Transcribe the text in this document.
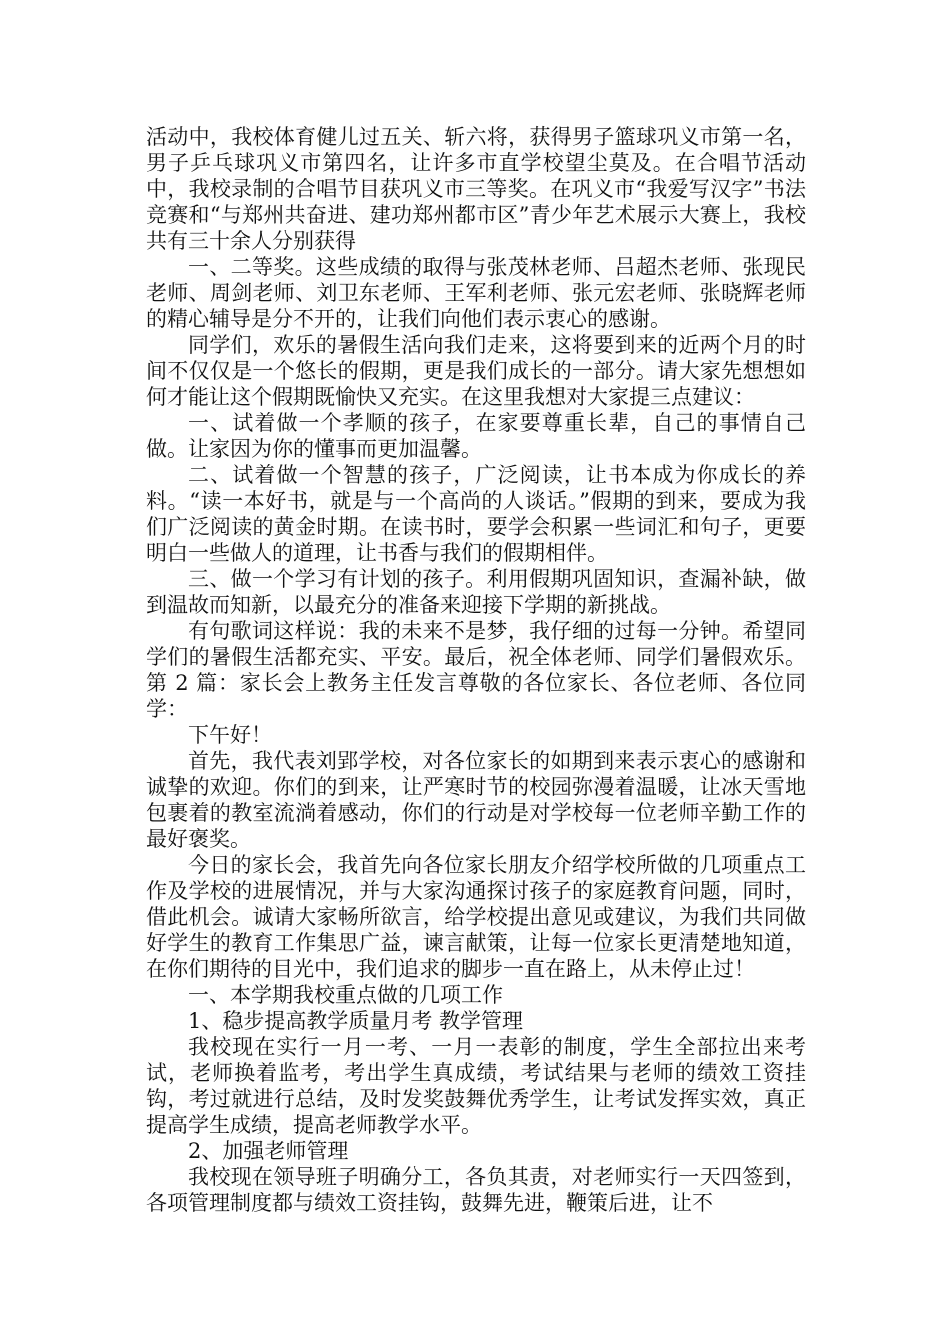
活动中，我校体育健儿过五关、斩六将，获得男子篮球巩义市第一名，男子乒乓球巩义市第四名，让许多市直学校望尘莫及。在合唱节活动中，我校录制的合唱节目获巩义市三等奖。在巩义市“我爱写汉字”书法竞赛和“与郑州共奋进、建功郑州都市区”青少年艺术展示大赛上，我校共有三十余人分别获得

一、二等奖。这些成绩的取得与张茂林老师、吕超杰老师、张现民老师、周剑老师、刘卫东老师、王军利老师、张元宏老师、张晓辉老师的精心辅导是分不开的，让我们向他们表示衷心的感谢。

同学们，欢乐的暑假生活向我们走来，这将要到来的近两个月的时间不仅仅是一个悠长的假期，更是我们成长的一部分。请大家先想想如何才能让这个假期既愉快又充实。在这里我想对大家提三点建议：

一、试着做一个孝顺的孩子，在家要尊重长辈，自己的事情自己做。让家因为你的懂事而更加温馨。

二、试着做一个智慧的孩子，广泛阅读，让书本成为你成长的养料。“读一本好书，就是与一个高尚的人谈话。”假期的到来，要成为我们广泛阅读的黄金时期。在读书时，要学会积累一些词汇和句子，更要明白一些做人的道理，让书香与我们的假期相伴。

三、做一个学习有计划的孩子。利用假期巩固知识，查漏补缺，做到温故而知新，以最充分的准备来迎接下学期的新挑战。

有句歌词这样说：我的未来不是梦，我仔细的过每一分钟。希望同学们的暑假生活都充实、平安。最后，祝全体老师、同学们暑假欢乐。第 2 篇：家长会上教务主任发言尊敬的各位家长、各位老师、各位同学：

下午好！

首先，我代表刘郢学校，对各位家长的如期到来表示衷心的感谢和诚挚的欢迎。你们的到来，让严寒时节的校园弥漫着温暖，让冰天雪地包裹着的教室流淌着感动，你们的行动是对学校每一位老师辛勤工作的最好褒奖。

今日的家长会，我首先向各位家长朋友介绍学校所做的几项重点工作及学校的进展情况，并与大家沟通探讨孩子的家庭教育问题，同时，借此机会。诚请大家畅所欲言，给学校提出意见或建议，为我们共同做好学生的教育工作集思广益，谏言献策，让每一位家长更清楚地知道，在你们期待的目光中，我们追求的脚步一直在路上，从未停止过！

一、本学期我校重点做的几项工作

1、稳步提高教学质量月考 教学管理

我校现在实行一月一考、一月一表彰的制度，学生全部拉出来考试，老师换着监考，考出学生真成绩，考试结果与老师的绩效工资挂钩，考过就进行总结，及时发奖鼓舞优秀学生，让考试发挥实效，真正提高学生成绩，提高老师教学水平。

2、加强老师管理

我校现在领导班子明确分工，各负其责，对老师实行一天四签到，各项管理制度都与绩效工资挂钩，鼓舞先进，鞭策后进，让不
